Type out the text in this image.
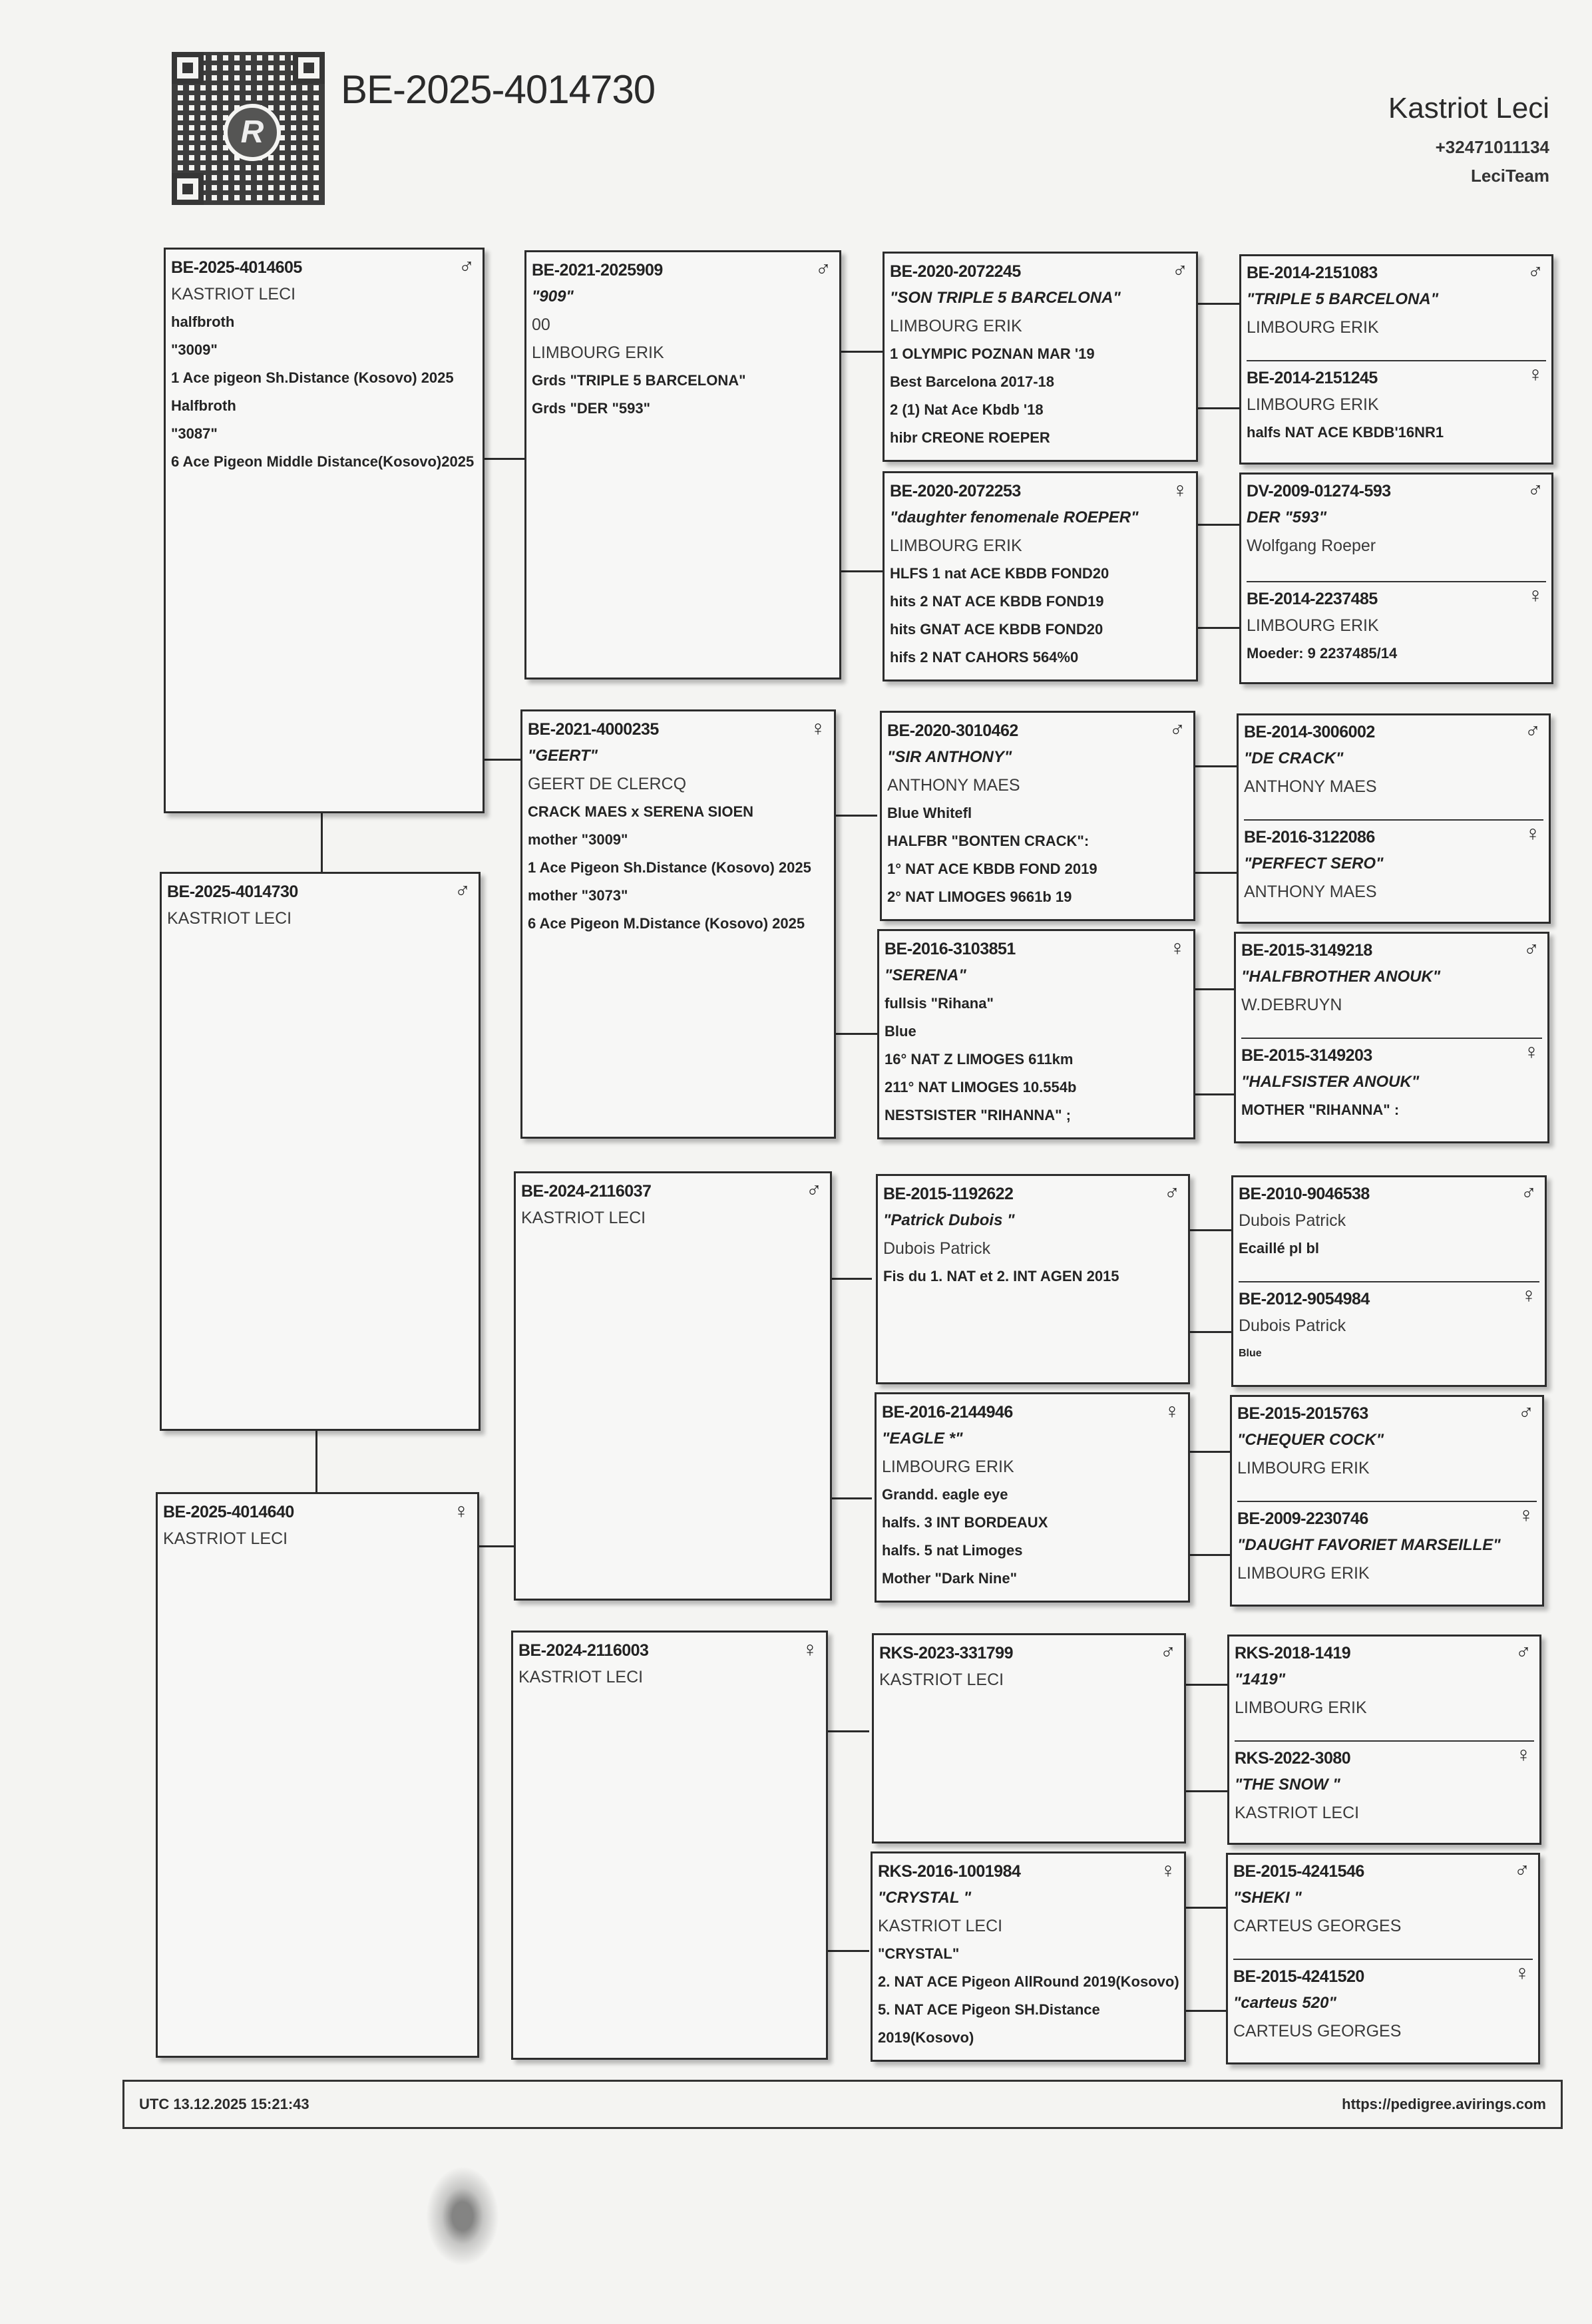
R
BE-2025-4014730	Kastriot Leci
+32471011134
LeciTeam
BE-2025-4014605	♂
KASTRIOT LECI
halfbroth
"3009"
1 Ace pigeon Sh.Distance (Kosovo) 2025
Halfbroth
"3087"
6 Ace Pigeon Middle Distance(Kosovo)2025
BE-2025-4014730	♂
KASTRIOT LECI
BE-2025-4014640	♀
KASTRIOT LECI
BE-2021-2025909	♂
"909"
00
LIMBOURG ERIK
Grds "TRIPLE 5 BARCELONA"
Grds "DER "593"
BE-2021-4000235	♀
"GEERT"
GEERT DE CLERCQ
CRACK MAES x SERENA SIOEN
mother "3009"
1 Ace Pigeon Sh.Distance (Kosovo) 2025
mother "3073"
6 Ace Pigeon M.Distance (Kosovo) 2025
BE-2024-2116037	♂
KASTRIOT LECI
BE-2024-2116003	♀
KASTRIOT LECI
BE-2020-2072245	♂
"SON TRIPLE 5 BARCELONA"
LIMBOURG ERIK
1 OLYMPIC POZNAN MAR '19
Best Barcelona 2017-18
2 (1) Nat Ace Kbdb '18
hibr CREONE ROEPER
BE-2020-2072253	♀
"daughter fenomenale ROEPER"
LIMBOURG ERIK
HLFS 1 nat ACE KBDB FOND20
hits 2 NAT ACE KBDB FOND19
hits GNAT ACE KBDB FOND20
hifs 2 NAT CAHORS 564%0
BE-2020-3010462	♂
"SIR ANTHONY"
ANTHONY MAES
Blue Whitefl
HALFBR "BONTEN CRACK":
1° NAT ACE KBDB FOND 2019
2° NAT LIMOGES 9661b 19
BE-2016-3103851	♀
"SERENA"
fullsis "Rihana"
Blue
16° NAT Z LIMOGES 611km
211° NAT LIMOGES 10.554b
NESTSISTER "RIHANNA" ;
BE-2015-1192622	♂
"Patrick Dubois "
Dubois Patrick
Fis du 1. NAT et 2. INT AGEN 2015
BE-2016-2144946	♀
"EAGLE *"
LIMBOURG ERIK
Grandd. eagle eye
halfs. 3 INT BORDEAUX
halfs. 5 nat Limoges
Mother "Dark Nine"
RKS-2023-331799	♂
KASTRIOT LECI
RKS-2016-1001984	♀
"CRYSTAL "
KASTRIOT LECI
"CRYSTAL"
2. NAT ACE Pigeon AllRound 2019(Kosovo)
5. NAT ACE Pigeon SH.Distance
2019(Kosovo)
BE-2014-2151083	♂
"TRIPLE 5 BARCELONA"
LIMBOURG ERIK
BE-2014-2151245	♀
LIMBOURG ERIK
halfs NAT ACE KBDB'16NR1
DV-2009-01274-593	♂
DER "593"
Wolfgang Roeper
BE-2014-2237485	♀
LIMBOURG ERIK
Moeder: 9 2237485/14
BE-2014-3006002	♂
"DE CRACK"
ANTHONY MAES
BE-2016-3122086	♀
"PERFECT SERO"
ANTHONY MAES
BE-2015-3149218	♂
"HALFBROTHER ANOUK"
W.DEBRUYN
BE-2015-3149203	♀
"HALFSISTER ANOUK"
MOTHER "RIHANNA" :
BE-2010-9046538	♂
Dubois Patrick
Ecaillé pl bl
BE-2012-9054984	♀
Dubois Patrick
Blue
BE-2015-2015763	♂
"CHEQUER COCK"
LIMBOURG ERIK
BE-2009-2230746	♀
"DAUGHT FAVORIET MARSEILLE"
LIMBOURG ERIK
RKS-2018-1419	♂
"1419"
LIMBOURG ERIK
RKS-2022-3080	♀
"THE SNOW "
KASTRIOT LECI
BE-2015-4241546	♂
"SHEKI "
CARTEUS GEORGES
BE-2015-4241520	♀
"carteus 520"
CARTEUS GEORGES
UTC 13.12.2025 15:21:43	https://pedigree.avirings.com
